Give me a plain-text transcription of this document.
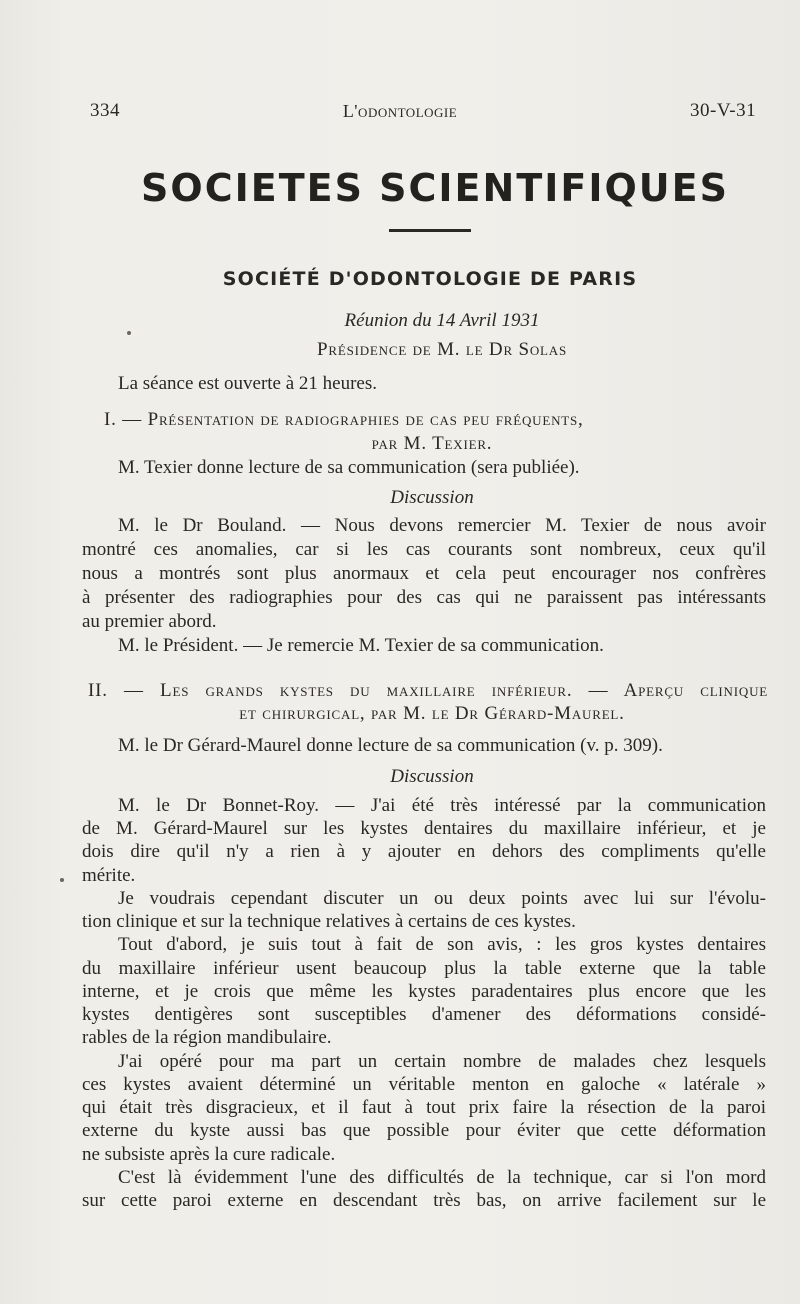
334	L'odontologie	30-V-31
SOCIETES SCIENTIFIQUES
SOCIÉTÉ D'ODONTOLOGIE DE PARIS
Réunion du 14 Avril 1931
Présidence de M. le Dr Solas
La séance est ouverte à 21 heures.
I. — Présentation de radiographies de cas peu fréquents,
par M. Texier.
M. Texier donne lecture de sa communication (sera publiée).
Discussion
M. le Dr Bouland. — Nous devons remercier M. Texier de nous avoir
montré ces anomalies, car si les cas courants sont nombreux, ceux qu'il
nous a montrés sont plus anormaux et cela peut encourager nos confrères
à présenter des radiographies pour des cas qui ne paraissent pas intéressants
au premier abord.
M. le Président. — Je remercie M. Texier de sa communication.
II. — Les grands kystes du maxillaire inférieur. — Aperçu clinique
et chirurgical, par M. le Dr Gérard-Maurel.
M. le Dr Gérard-Maurel donne lecture de sa communication (v. p. 309).
Discussion
M. le Dr Bonnet-Roy. — J'ai été très intéressé par la communication
de M. Gérard-Maurel sur les kystes dentaires du maxillaire inférieur, et je
dois dire qu'il n'y a rien à y ajouter en dehors des compliments qu'elle
mérite.
Je voudrais cependant discuter un ou deux points avec lui sur l'évolu-
tion clinique et sur la technique relatives à certains de ces kystes.
Tout d'abord, je suis tout à fait de son avis, : les gros kystes dentaires
du maxillaire inférieur usent beaucoup plus la table externe que la table
interne, et je crois que même les kystes paradentaires plus encore que les
kystes dentigères sont susceptibles d'amener des déformations considé-
rables de la région mandibulaire.
J'ai opéré pour ma part un certain nombre de malades chez lesquels
ces kystes avaient déterminé un véritable menton en galoche « latérale »
qui était très disgracieux, et il faut à tout prix faire la résection de la paroi
externe du kyste aussi bas que possible pour éviter que cette déformation
ne subsiste après la cure radicale.
C'est là évidemment l'une des difficultés de la technique, car si l'on mord
sur cette paroi externe en descendant très bas, on arrive facilement sur le
